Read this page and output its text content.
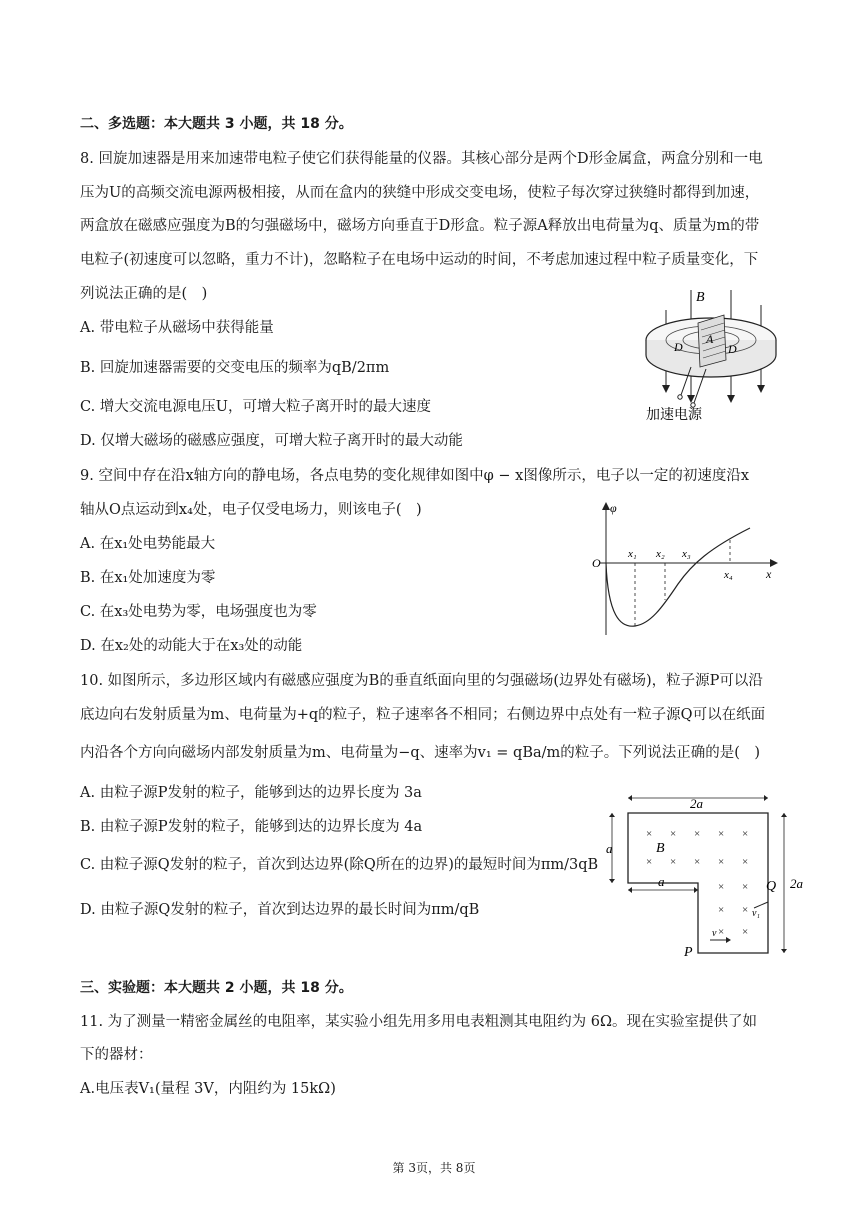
二、多选题：本大题共 3 小题，共 18 分。
8. 回旋加速器是用来加速带电粒子使它们获得能量的仪器。其核心部分是两个D形金属盒，两盒分别和一电
压为U的高频交流电源两极相接，从而在盒内的狭缝中形成交变电场，使粒子每次穿过狭缝时都得到加速，
两盒放在磁感应强度为B的匀强磁场中，磁场方向垂直于D形盒。粒子源A释放出电荷量为q、质量为m的带
电粒子(初速度可以忽略，重力不计)，忽略粒子在电场中运动的时间，不考虑加速过程中粒子质量变化，下
列说法正确的是(　)
A. 带电粒子从磁场中获得能量
B. 回旋加速器需要的交变电压的频率为qB/2πm
C. 增大交流电源电压U，可增大粒子离开时的最大速度
D. 仅增大磁场的磁感应强度，可增大粒子离开时的最大动能
B
A
D	D
加速电源
9. 空间中存在沿x轴方向的静电场，各点电势的变化规律如图中φ − x图像所示，电子以一定的初速度沿x
轴从O点运动到x₄处，电子仅受电场力，则该电子(　)
A. 在x₁处电势能最大
B. 在x₁处加速度为零
C. 在x₃处电势为零，电场强度也为零
D. 在x₂处的动能大于在x₃处的动能
φ
O
x
x₁ x₂ x₃
x₄
10. 如图所示，多边形区域内有磁感应强度为B的垂直纸面向里的匀强磁场(边界处有磁场)，粒子源P可以沿
底边向右发射质量为m、电荷量为+q的粒子，粒子速率各不相同；右侧边界中点处有一粒子源Q可以在纸面
内沿各个方向向磁场内部发射质量为m、电荷量为−q、速率为v₁ = qBa/m的粒子。下列说法正确的是(　)
A. 由粒子源P发射的粒子，能够到达的边界长度为 3a
B. 由粒子源P发射的粒子，能够到达的边界长度为 4a
C. 由粒子源Q发射的粒子，首次到达边界(除Q所在的边界)的最短时间为πm/3qB
D. 由粒子源Q发射的粒子，首次到达边界的最长时间为πm/qB
× × × × ×
× × × × ×
× ×
× ×
× ×
a
2a
a	2a
B
Q
P
v₁
v
三、实验题：本大题共 2 小题，共 18 分。
11. 为了测量一精密金属丝的电阻率，某实验小组先用多用电表粗测其电阻约为 6Ω。现在实验室提供了如
下的器材：
A.电压表V₁(量程 3V，内阻约为 15kΩ)
第 3页，共 8页
